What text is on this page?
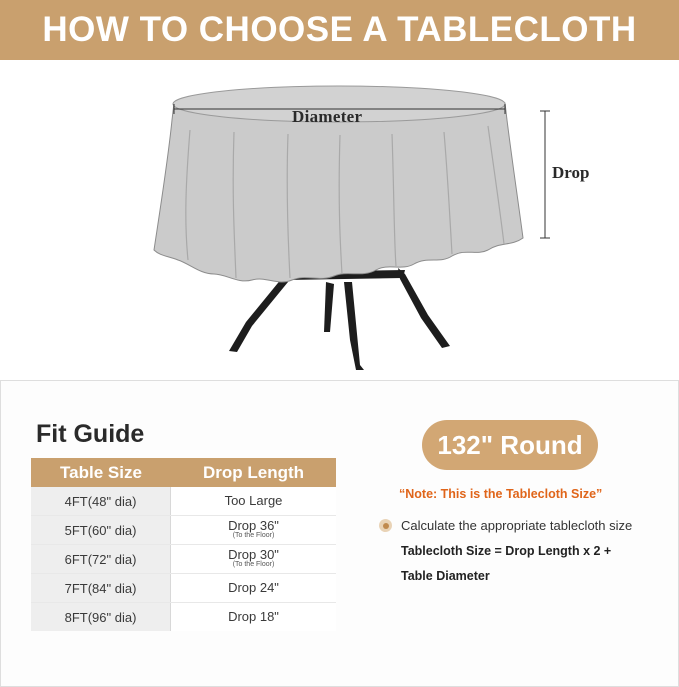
HOW TO CHOOSE A TABLECLOTH
Diameter
Drop
Fit Guide
Table Size	Drop Length
4FT(48" dia)	Too Large
5FT(60" dia)	Drop 36"
(To the Floor)
6FT(72" dia)	Drop 30"
(To the Floor)
7FT(84" dia)	Drop 24"
8FT(96" dia)	Drop 18"
132" Round
“Note: This is the Tablecloth Size”
Calculate the appropriate tablecloth size
Tablecloth Size = Drop Length x 2 +
Table Diameter
